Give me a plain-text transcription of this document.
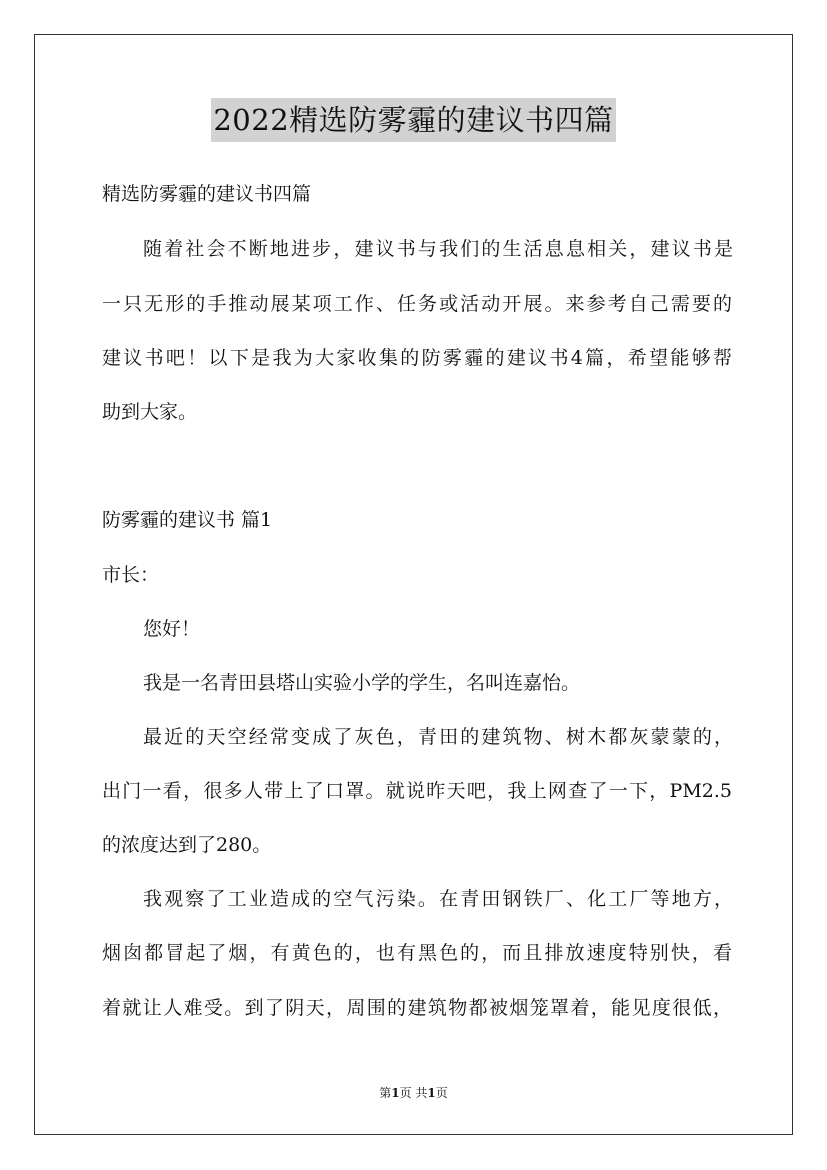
2022精选防雾霾的建议书四篇
精选防雾霾的建议书四篇
随着社会不断地进步，建议书与我们的生活息息相关，建议书是
一只无形的手推动展某项工作、任务或活动开展。来参考自己需要的
建议书吧！以下是我为大家收集的防雾霾的建议书4篇，希望能够帮
助到大家。
防雾霾的建议书 篇1
市长：
您好！
我是一名青田县塔山实验小学的学生，名叫连嘉怡。
最近的天空经常变成了灰色，青田的建筑物、树木都灰蒙蒙的，
出门一看，很多人带上了口罩。就说昨天吧，我上网查了一下，PM2.5
的浓度达到了280。
我观察了工业造成的空气污染。在青田钢铁厂、化工厂等地方，
烟囱都冒起了烟，有黄色的，也有黑色的，而且排放速度特别快，看
着就让人难受。到了阴天，周围的建筑物都被烟笼罩着，能见度很低，
第1页 共1页
